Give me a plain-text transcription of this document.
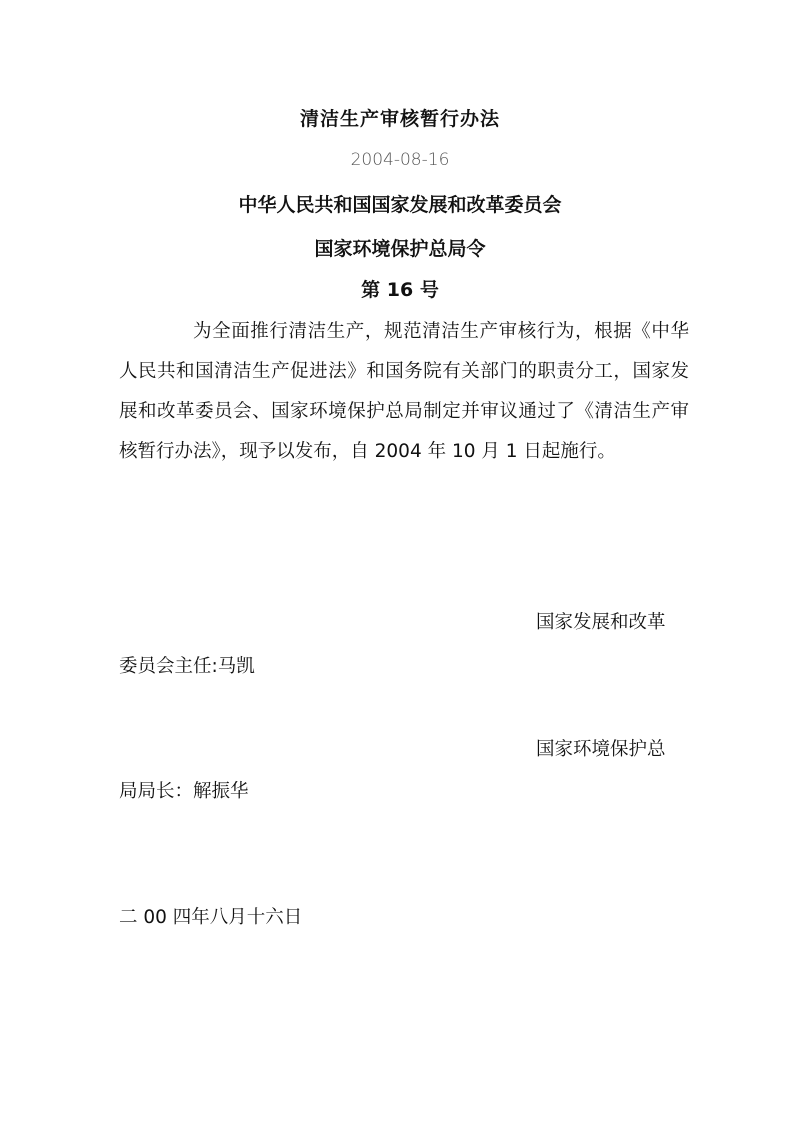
清洁生产审核暂行办法
2004-08-16
中华人民共和国国家发展和改革委员会
国家环境保护总局令
第 16 号
为全面推行清洁生产，规范清洁生产审核行为，根据《中华人民共和国清洁生产促进法》和国务院有关部门的职责分工，国家发展和改革委员会、国家环境保护总局制定并审议通过了《清洁生产审核暂行办法》，现予以发布，自 2004 年 10 月 1 日起施行。
国家发展和改革
委员会主任:马凯
国家环境保护总
局局长：解振华
二 00 四年八月十六日
